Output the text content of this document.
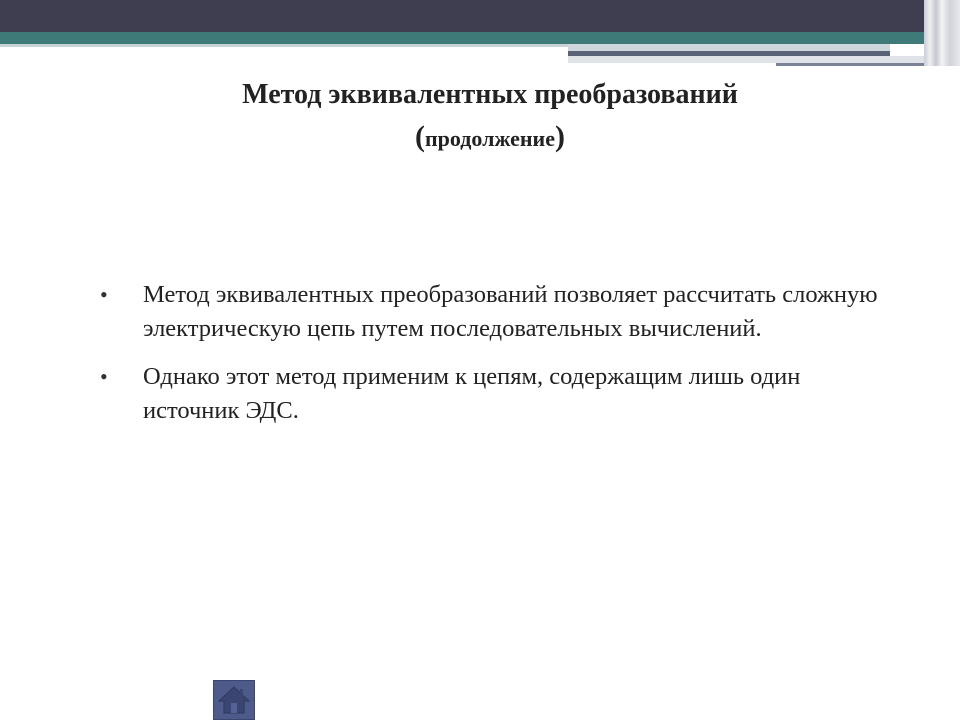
Метод эквивалентных преобразований
(продолжение)
• Метод эквивалентных преобразований позволяет рассчитать сложную электрическую цепь путем последовательных вычислений.
• Однако этот метод применим к цепям, содержащим лишь один источник ЭДС.
